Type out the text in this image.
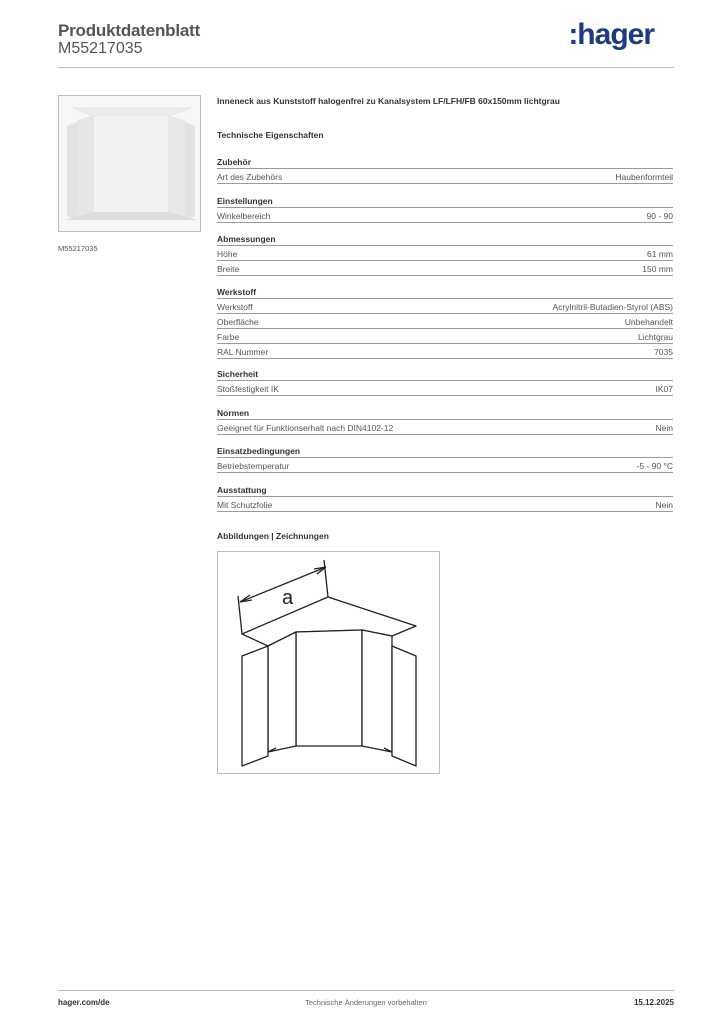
Produktdatenblatt
M55217035	:hager
M55217035
Inneneck aus Kunststoff halogenfrei zu Kanalsystem LF/LFH/FB 60x150mm lichtgrau
Technische Eigenschaften
Zubehör
Art des Zubehörs	Haubenformteil
Einstellungen
Winkelbereich	90 - 90
Abmessungen
Höhe	61 mm
Breite	150 mm
Werkstoff
Werkstoff	Acrylnitril-Butadien-Styrol (ABS)
Oberfläche	Unbehandelt
Farbe	Lichtgrau
RAL Nummer	7035
Sicherheit
Stoßfestigkeit IK	IK07
Normen
Geeignet für Funktionserhalt nach DIN4102-12	Nein
Einsatzbedingungen
Betriebstemperatur	-5 - 90 °C
Ausstattung
Mit Schutzfolie	Nein
Abbildungen | Zeichnungen
a
hager.com/de	Technische Änderungen vorbehalten	15.12.2025
